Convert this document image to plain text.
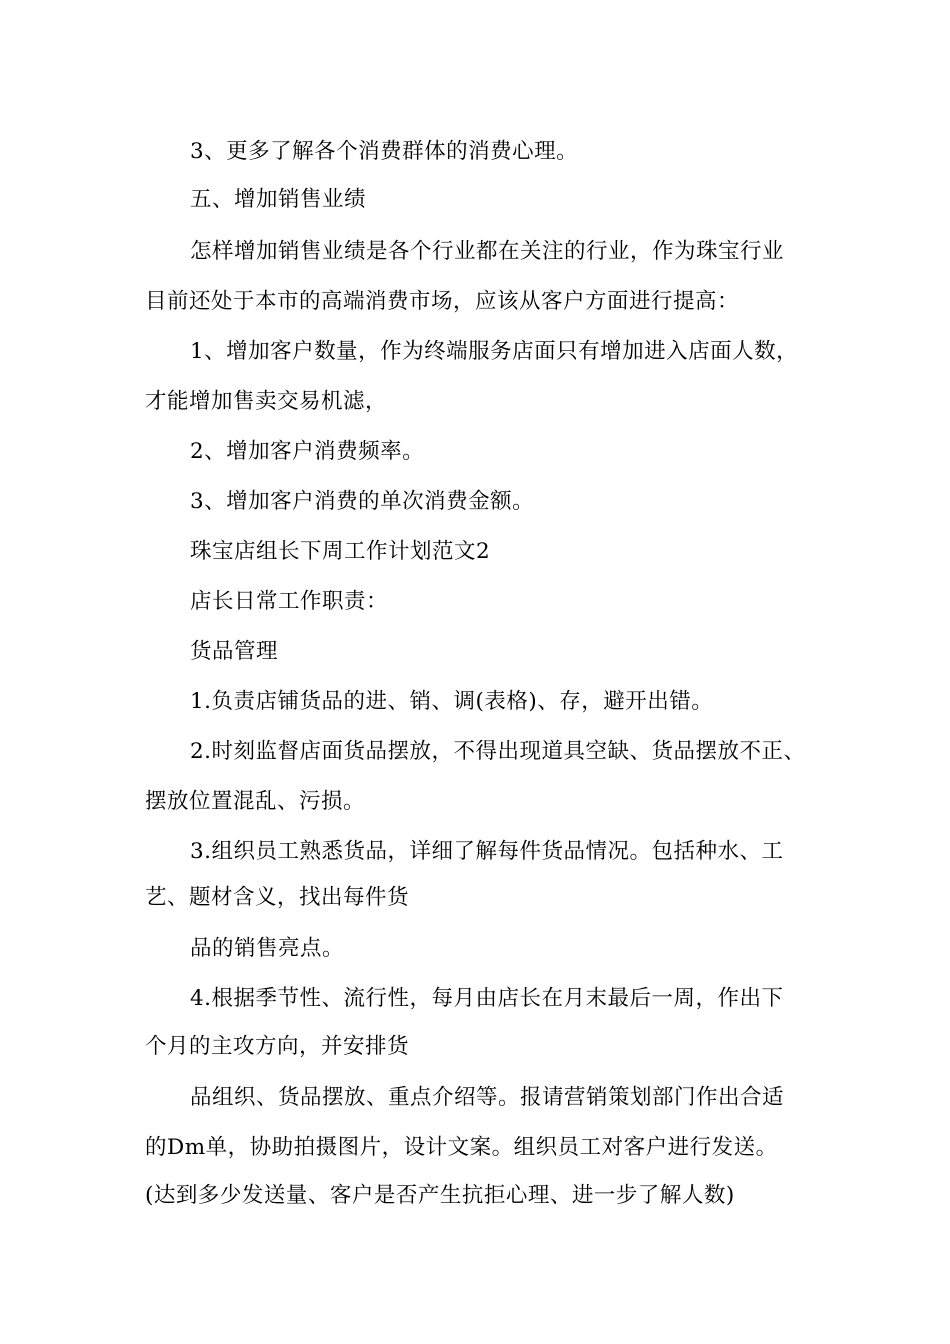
3、更多了解各个消费群体的消费心理。
五、增加销售业绩
怎样增加销售业绩是各个行业都在关注的行业，作为珠宝行业
目前还处于本市的高端消费市场，应该从客户方面进行提高：
1、增加客户数量，作为终端服务店面只有增加进入店面人数，
才能增加售卖交易机滤，
2、增加客户消费频率。
3、增加客户消费的单次消费金额。
珠宝店组长下周工作计划范文2
店长日常工作职责：
货品管理
1.负责店铺货品的进、销、调(表格)、存，避开出错。
2.时刻监督店面货品摆放，不得出现道具空缺、货品摆放不正、
摆放位置混乱、污损。
3.组织员工熟悉货品，详细了解每件货品情况。包括种水、工
艺、题材含义，找出每件货
品的销售亮点。
4.根据季节性、流行性，每月由店长在月末最后一周，作出下
个月的主攻方向，并安排货
品组织、货品摆放、重点介绍等。报请营销策划部门作出合适
的Dm单，协助拍摄图片，设计文案。组织员工对客户进行发送。
(达到多少发送量、客户是否产生抗拒心理、进一步了解人数)
